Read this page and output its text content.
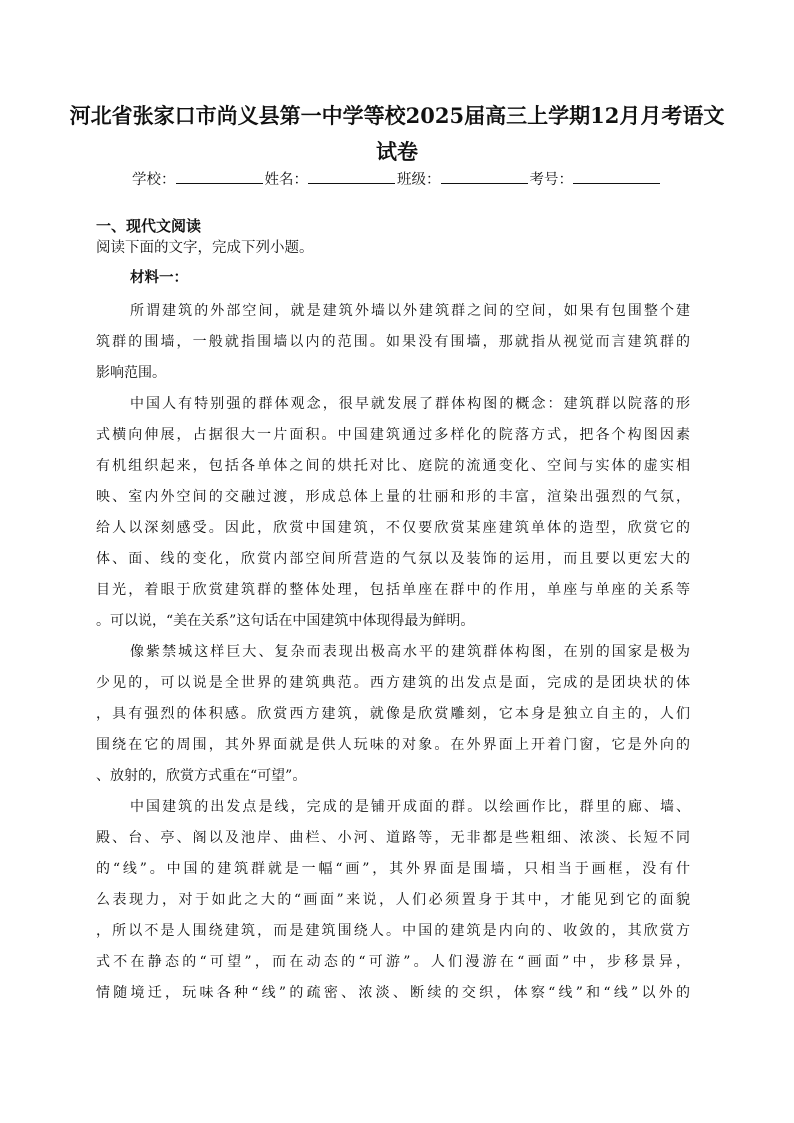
河北省张家口市尚义县第一中学等校2025届高三上学期12月月考语文
试卷
学校：	姓名：	班级：	考号：
一、现代文阅读
阅读下面的文字，完成下列小题。
材料一：
所谓建筑的外部空间，就是建筑外墙以外建筑群之间的空间，如果有包围整个建
筑群的围墙，一般就指围墙以内的范围。如果没有围墙，那就指从视觉而言建筑群的
影响范围。
中国人有特别强的群体观念，很早就发展了群体构图的概念：建筑群以院落的形
式横向伸展，占据很大一片面积。中国建筑通过多样化的院落方式，把各个构图因素
有机组织起来，包括各单体之间的烘托对比、庭院的流通变化、空间与实体的虚实相
映、室内外空间的交融过渡，形成总体上量的壮丽和形的丰富，渲染出强烈的气氛，
给人以深刻感受。因此，欣赏中国建筑，不仅要欣赏某座建筑单体的造型，欣赏它的
体、面、线的变化，欣赏内部空间所营造的气氛以及装饰的运用，而且要以更宏大的
目光，着眼于欣赏建筑群的整体处理，包括单座在群中的作用，单座与单座的关系等
。可以说，“美在关系”这句话在中国建筑中体现得最为鲜明。
像紫禁城这样巨大、复杂而表现出极高水平的建筑群体构图，在别的国家是极为
少见的，可以说是全世界的建筑典范。西方建筑的出发点是面，完成的是团块状的体
，具有强烈的体积感。欣赏西方建筑，就像是欣赏雕刻，它本身是独立自主的，人们
围绕在它的周围，其外界面就是供人玩味的对象。在外界面上开着门窗，它是外向的
、放射的，欣赏方式重在“可望”。
中国建筑的出发点是线，完成的是铺开成面的群。以绘画作比，群里的廊、墙、
殿、台、亭、阁以及池岸、曲栏、小河、道路等，无非都是些粗细、浓淡、长短不同
的“线”。中国的建筑群就是一幅“画”，其外界面是围墙，只相当于画框，没有什
么表现力，对于如此之大的“画面”来说，人们必须置身于其中，才能见到它的面貌
，所以不是人围绕建筑，而是建筑围绕人。中国的建筑是内向的、收敛的，其欣赏方
式不在静态的“可望”，而在动态的“可游”。人们漫游在“画面”中，步移景异，
情随境迁，玩味各种“线”的疏密、浓淡、断续的交织，体察“线”和“线”以外的
